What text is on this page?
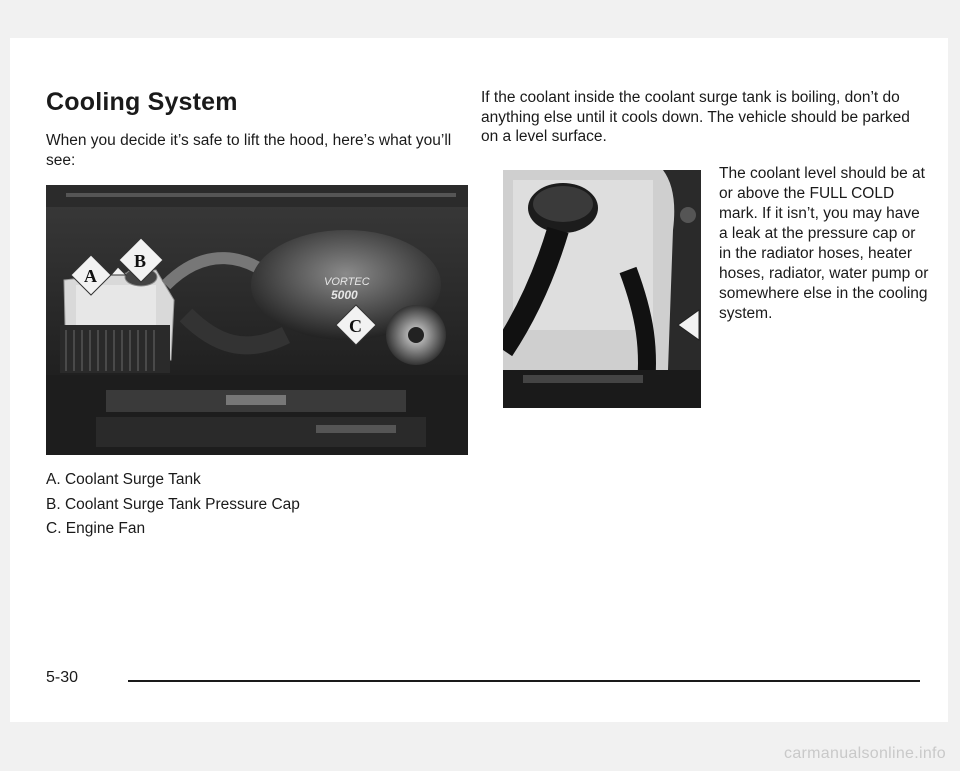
Cooling System
When you decide it’s safe to lift the hood, here’s what you’ll see:
VORTEC
5000
A
B
C
A. Coolant Surge Tank
B. Coolant Surge Tank Pressure Cap
C. Engine Fan
If the coolant inside the coolant surge tank is boiling, don’t do anything else until it cools down. The vehicle should be parked on a level surface.
The coolant level should be at or above the FULL COLD mark. If it isn’t, you may have a leak at the pressure cap or in the radiator hoses, heater hoses, radiator, water pump or somewhere else in the cooling system.
5-30
carmanualsonline.info
